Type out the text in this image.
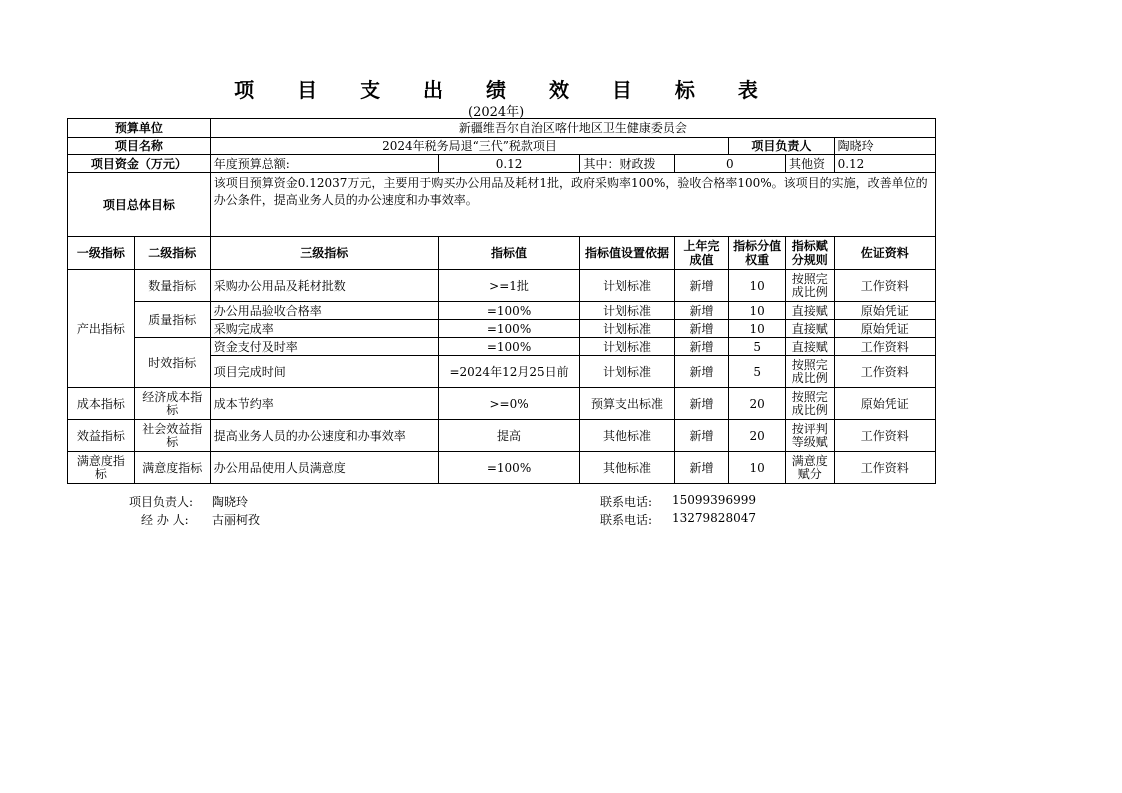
项 目 支 出 绩 效 目 标 表
(2024年)
预算单位		新疆维吾尔自治区喀什地区卫生健康委员会						
项目名称		2024年税务局退“三代”税款项目				项目负责人		陶晓玲
项目资金（万元）		年度预算总额:	0.12	其中：财政拨	0		其他资	0.12
项目总体目标		该项目预算资金0.12037万元，主要用于购买办公用品及耗材1批，政府采购率100%，验收合格率100%。该项目的实施，改善单位的办公条件，提高业务人员的办公速度和办事效率。						
一级指标	二级指标	三级指标	指标值	指标值设置依据	上年完成值	指标分值权重	指标赋分规则	佐证资料
产出指标	数量指标	采购办公用品及耗材批数	>=1批	计划标准	新增	10	按照完成比例	工作资料
	质量指标	办公用品验收合格率	=100%	计划标准	新增	10	直接赋	原始凭证
		采购完成率	=100%	计划标准	新增	10	直接赋	原始凭证
	时效指标	资金支付及时率	=100%	计划标准	新增	5	直接赋	工作资料
		项目完成时间	=2024年12月25日前	计划标准	新增	5	按照完成比例	工作资料
成本指标	经济成本指标	成本节约率	>=0%	预算支出标准	新增	20	按照完成比例	原始凭证
效益指标	社会效益指标	提高业务人员的办公速度和办事效率	提高	其他标准	新增	20	按评判等级赋	工作资料
满意度指标	满意度指标	办公用品使用人员满意度	=100%	其他标准	新增	10	满意度赋分	工作资料
项目负责人: 陶晓玲
经 办 人: 古丽柯孜
联系电话: 15099396999
联系电话: 13279828047
